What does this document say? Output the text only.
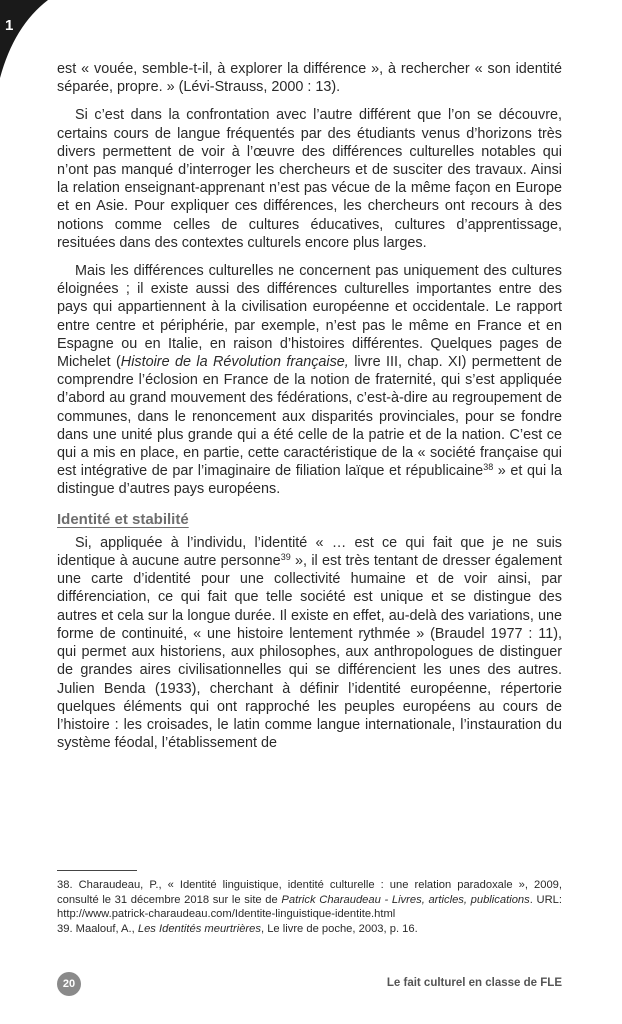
1

est « vouée, semble-t-il, à explorer la différence », à rechercher « son identité séparée, propre. » (Lévi-Strauss, 2000 : 13).

Si c’est dans la confrontation avec l’autre différent que l’on se découvre, certains cours de langue fréquentés par des étudiants venus d’horizons très divers permettent de voir à l’œuvre des différences culturelles notables qui n’ont pas manqué d’interroger les chercheurs et de susciter des travaux. Ainsi la relation enseignant-apprenant n’est pas vécue de la même façon en Europe et en Asie. Pour expliquer ces différences, les chercheurs ont recours à des notions comme celles de cultures éducatives, cultures d’apprentissage, resituées dans des contextes culturels encore plus larges.

Mais les différences culturelles ne concernent pas uniquement des cultures éloignées ; il existe aussi des différences culturelles importantes entre des pays qui appartiennent à la civilisation européenne et occidentale. Le rapport entre centre et périphérie, par exemple, n’est pas le même en France et en Espagne ou en Italie, en raison d’histoires différentes. Quelques pages de Michelet (Histoire de la Révolution française, livre III, chap. XI) permettent de comprendre l’éclosion en France de la notion de fraternité, qui s’est appliquée d’abord au grand mouvement des fédérations, c’est-à-dire au regroupement de communes, dans le renoncement aux disparités provinciales, pour se fondre dans une unité plus grande qui a été celle de la patrie et de la nation. C’est ce qui a mis en place, en partie, cette caractéristique de la « société française qui est intégrative de par l’imaginaire de filiation laïque et républicaine$^{38}$ » et qui la distingue d’autres pays européens.

Identité et stabilité

Si, appliquée à l’individu, l’identité « … est ce qui fait que je ne suis identique à aucune autre personne$^{39}$ », il est très tentant de dresser également une carte d’identité pour une collectivité humaine et de voir ainsi, par différenciation, ce qui fait que telle société est unique et se distingue des autres et cela sur la longue durée. Il existe en effet, au-delà des variations, une forme de continuité, « une histoire lentement rythmée » (Braudel 1977 : 11), qui permet aux historiens, aux philosophes, aux anthropologues de distinguer de grandes aires civilisationnelles qui se différencient les unes des autres. Julien Benda (1933), cherchant à définir l’identité européenne, répertorie quelques éléments qui ont rapproché les peuples européens au cours de l’histoire : les croisades, le latin comme langue internationale, l’instauration du système féodal, l’établissement de

38. Charaudeau, P., « Identité linguistique, identité culturelle : une relation paradoxale », 2009, consulté le 31 décembre 2018 sur le site de Patrick Charaudeau - Livres, articles, publications. URL: http://www.patrick-charaudeau.com/Identite-linguistique-identite.html

39. Maalouf, A., Les Identités meurtrières, Le livre de poche, 2003, p. 16.

20	Le fait culturel en classe de FLE
